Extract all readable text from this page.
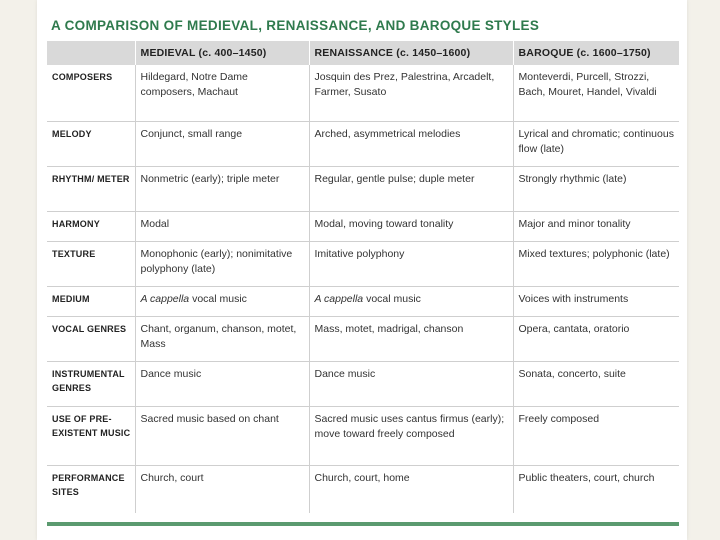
A COMPARISON OF MEDIEVAL, RENAISSANCE, AND BAROQUE STYLES
	MEDIEVAL (c. 400–1450)	RENAISSANCE (c. 1450–1600)	BAROQUE (c. 1600–1750)
COMPOSERS	Hildegard, Notre Dame composers, Machaut	Josquin des Prez, Palestrina, Arcadelt, Farmer, Susato	Monteverdi, Purcell, Strozzi, Bach, Mouret, Handel, Vivaldi
MELODY	Conjunct, small range	Arched, asymmetrical melodies	Lyrical and chromatic; continuous flow (late)
RHYTHM/ METER	Nonmetric (early); triple meter	Regular, gentle pulse; duple meter	Strongly rhythmic (late)
HARMONY	Modal	Modal, moving toward tonality	Major and minor tonality
TEXTURE	Monophonic (early); nonimitative polyphony (late)	Imitative polyphony	Mixed textures; polyphonic (late)
MEDIUM	A cappella vocal music	A cappella vocal music	Voices with instruments
VOCAL GENRES	Chant, organum, chanson, motet, Mass	Mass, motet, madrigal, chanson	Opera, cantata, oratorio
INSTRUMENTAL GENRES	Dance music	Dance music	Sonata, concerto, suite
USE OF PRE-EXISTENT MUSIC	Sacred music based on chant	Sacred music uses cantus firmus (early); move toward freely composed	Freely composed
PERFORMANCE SITES	Church, court	Church, court, home	Public theaters, court, church
